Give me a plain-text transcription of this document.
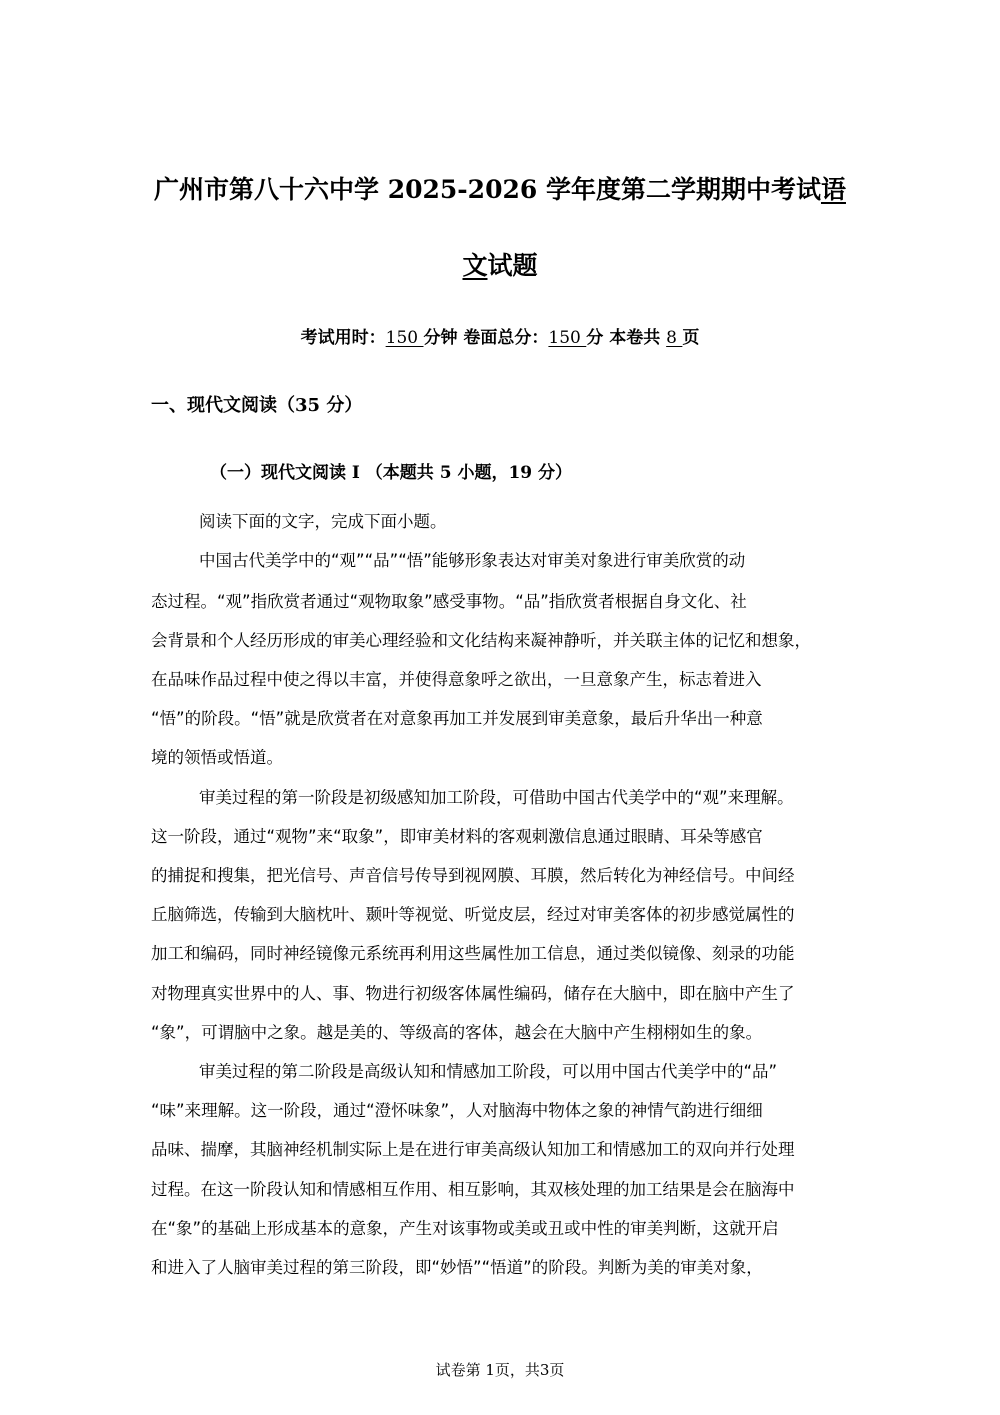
广州市第八十六中学 2025-2026 学年度第二学期期中考试语
文试题
考试用时：150 分钟 卷面总分：150 分 本卷共 8 页
一、现代文阅读（35 分）
（一）现代文阅读 I （本题共 5 小题，19 分）
阅读下面的文字，完成下面小题。
中国古代美学中的“观”“品”“悟”能够形象表达对审美对象进行审美欣赏的动
态过程。“观”指欣赏者通过“观物取象”感受事物。“品”指欣赏者根据自身文化、社
会背景和个人经历形成的审美心理经验和文化结构来凝神静听，并关联主体的记忆和想象，
在品味作品过程中使之得以丰富，并使得意象呼之欲出，一旦意象产生，标志着进入
“悟”的阶段。“悟”就是欣赏者在对意象再加工并发展到审美意象，最后升华出一种意
境的领悟或悟道。
审美过程的第一阶段是初级感知加工阶段，可借助中国古代美学中的“观”来理解。
这一阶段，通过“观物”来“取象”，即审美材料的客观刺激信息通过眼睛、耳朵等感官
的捕捉和搜集，把光信号、声音信号传导到视网膜、耳膜，然后转化为神经信号。中间经
丘脑筛选，传输到大脑枕叶、颞叶等视觉、听觉皮层，经过对审美客体的初步感觉属性的
加工和编码，同时神经镜像元系统再利用这些属性加工信息，通过类似镜像、刻录的功能
对物理真实世界中的人、事、物进行初级客体属性编码，储存在大脑中，即在脑中产生了
“象”，可谓脑中之象。越是美的、等级高的客体，越会在大脑中产生栩栩如生的象。
审美过程的第二阶段是高级认知和情感加工阶段，可以用中国古代美学中的“品”
“味”来理解。这一阶段，通过“澄怀味象”，人对脑海中物体之象的神情气韵进行细细
品味、揣摩，其脑神经机制实际上是在进行审美高级认知加工和情感加工的双向并行处理
过程。在这一阶段认知和情感相互作用、相互影响，其双核处理的加工结果是会在脑海中
在“象”的基础上形成基本的意象，产生对该事物或美或丑或中性的审美判断，这就开启
和进入了人脑审美过程的第三阶段，即“妙悟”“悟道”的阶段。判断为美的审美对象，
试卷第 1页，共3页
